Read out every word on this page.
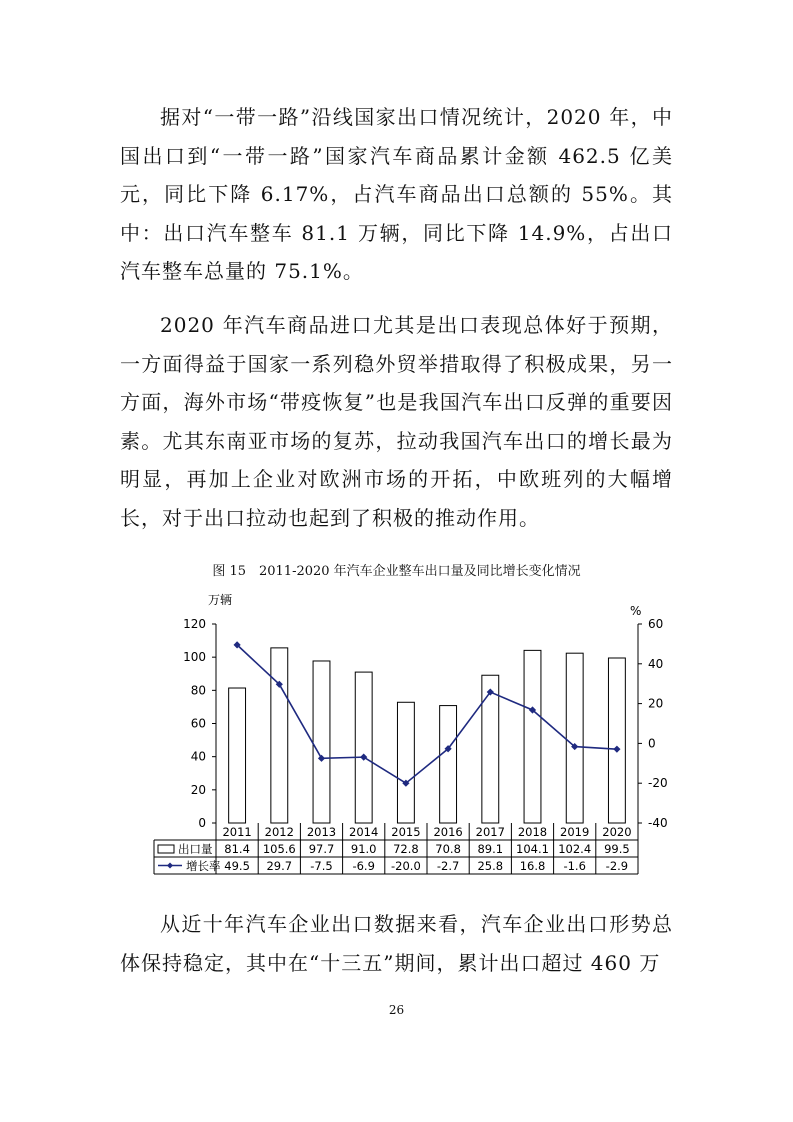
据对“一带一路”沿线国家出口情况统计，2020 年，中国出口到“一带一路”国家汽车商品累计金额 462.5 亿美元，同比下降 6.17%，占汽车商品出口总额的 55%。其中：出口汽车整车 81.1 万辆，同比下降 14.9%，占出口汽车整车总量的 75.1%。

2020 年汽车商品进口尤其是出口表现总体好于预期，一方面得益于国家一系列稳外贸举措取得了积极成果，另一方面，海外市场“带疫恢复”也是我国汽车出口反弹的重要因素。尤其东南亚市场的复苏，拉动我国汽车出口的增长最为明显，再加上企业对欧洲市场的开拓，中欧班列的大幅增长，对于出口拉动也起到了积极的推动作用。

图 15　2011-2020 年汽车企业整车出口量及同比增长变化情况
万辆
%
0
20
40
60
80
100
120
-40
-20
0
20
40
60
2011 2012 2013 2014 2015 2016 2017 2018 2019 2020
出口量
增长率
81.4 105.6 97.7 91.0 72.8 70.8 89.1 104.1 102.4 99.5
49.5 29.7 -7.5 -6.9 -20.0 -2.7 25.8 16.8 -1.6 -2.9

从近十年汽车企业出口数据来看，汽车企业出口形势总体保持稳定，其中在“十三五”期间，累计出口超过 460 万

26
